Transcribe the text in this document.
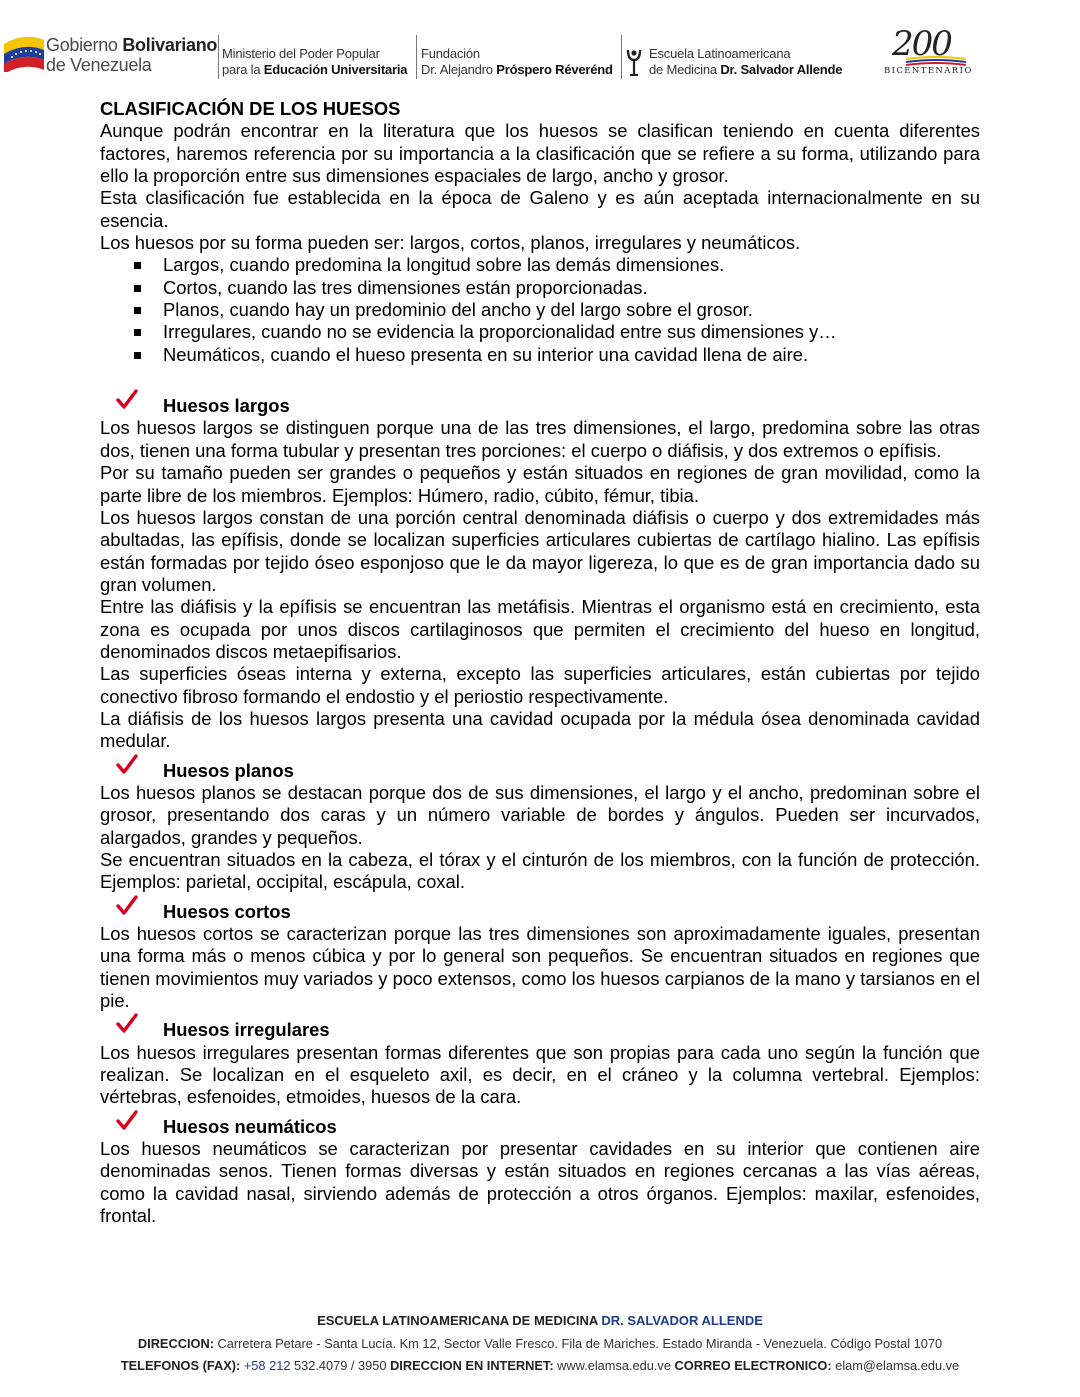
Gobierno Bolivariano
de Venezuela
Ministerio del Poder Popular
para la Educación Universitaria
Fundación
Dr. Alejandro Próspero Réverénd
Escuela Latinoamericana
de Medicina Dr. Salvador Allende
200
BICENTENARIO

CLASIFICACIÓN DE LOS HUESOS

Aunque podrán encontrar en la literatura que los huesos se clasifican teniendo en cuenta diferentes factores, haremos referencia por su importancia a la clasificación que se refiere a su forma, utilizando para ello la proporción entre sus dimensiones espaciales de largo, ancho y grosor.

Esta clasificación fue establecida en la época de Galeno y es aún aceptada internacionalmente en su esencia.

Los huesos por su forma pueden ser: largos, cortos, planos, irregulares y neumáticos.

Largos, cuando predomina la longitud sobre las demás dimensiones.
Cortos, cuando las tres dimensiones están proporcionadas.
Planos, cuando hay un predominio del ancho y del largo sobre el grosor.
Irregulares, cuando no se evidencia la proporcionalidad entre sus dimensiones y…
Neumáticos, cuando el hueso presenta en su interior una cavidad llena de aire.
Huesos largos

Los huesos largos se distinguen porque una de las tres dimensiones, el largo, predomina sobre las otras dos, tienen una forma tubular y presentan tres porciones: el cuerpo o diáfisis, y dos extremos o epífisis.

Por su tamaño pueden ser grandes o pequeños y están situados en regiones de gran movilidad, como la parte libre de los miembros. Ejemplos: Húmero, radio, cúbito, fémur, tibia.

Los huesos largos constan de una porción central denominada diáfisis o cuerpo y dos extremidades más abultadas, las epífisis, donde se localizan superficies articulares cubiertas de cartílago hialino. Las epífisis están formadas por tejido óseo esponjoso que le da mayor ligereza, lo que es de gran importancia dado su gran volumen.

Entre las diáfisis y la epífisis se encuentran las metáfisis. Mientras el organismo está en crecimiento, esta zona es ocupada por unos discos cartilaginosos que permiten el crecimiento del hueso en longitud, denominados discos metaepifisarios.

Las superficies óseas interna y externa, excepto las superficies articulares, están cubiertas por tejido conectivo fibroso formando el endostio y el periostio respectivamente.

La diáfisis de los huesos largos presenta una cavidad ocupada por la médula ósea denominada cavidad medular.

Huesos planos

Los huesos planos se destacan porque dos de sus dimensiones, el largo y el ancho, predominan sobre el grosor, presentando dos caras y un número variable de bordes y ángulos. Pueden ser incurvados, alargados, grandes y pequeños.

Se encuentran situados en la cabeza, el tórax y el cinturón de los miembros, con la función de protección. Ejemplos: parietal, occipital, escápula, coxal.

Huesos cortos

Los huesos cortos se caracterizan porque las tres dimensiones son aproximadamente iguales, presentan una forma más o menos cúbica y por lo general son pequeños. Se encuentran situados en regiones que tienen movimientos muy variados y poco extensos, como los huesos carpianos de la mano y tarsianos en el pie.

Huesos irregulares

Los huesos irregulares presentan formas diferentes que son propias para cada uno según la función que realizan. Se localizan en el esqueleto axil, es decir, en el cráneo y la columna vertebral. Ejemplos: vértebras, esfenoides, etmoides, huesos de la cara.

Huesos neumáticos

Los huesos neumáticos se caracterizan por presentar cavidades en su interior que contienen aire denominadas senos. Tienen formas diversas y están situados en regiones cercanas a las vías aéreas, como la cavidad nasal, sirviendo además de protección a otros órganos. Ejemplos: maxilar, esfenoides, frontal.

ESCUELA LATINOAMERICANA DE MEDICINA DR. SALVADOR ALLENDE
DIRECCION: Carretera Petare - Santa Lucía. Km 12, Sector Valle Fresco. Fila de Mariches. Estado Miranda - Venezuela. Código Postal 1070
TELEFONOS (FAX): +58 212 532.4079 / 3950 DIRECCION EN INTERNET: www.elamsa.edu.ve CORREO ELECTRONICO: elam@elamsa.edu.ve
